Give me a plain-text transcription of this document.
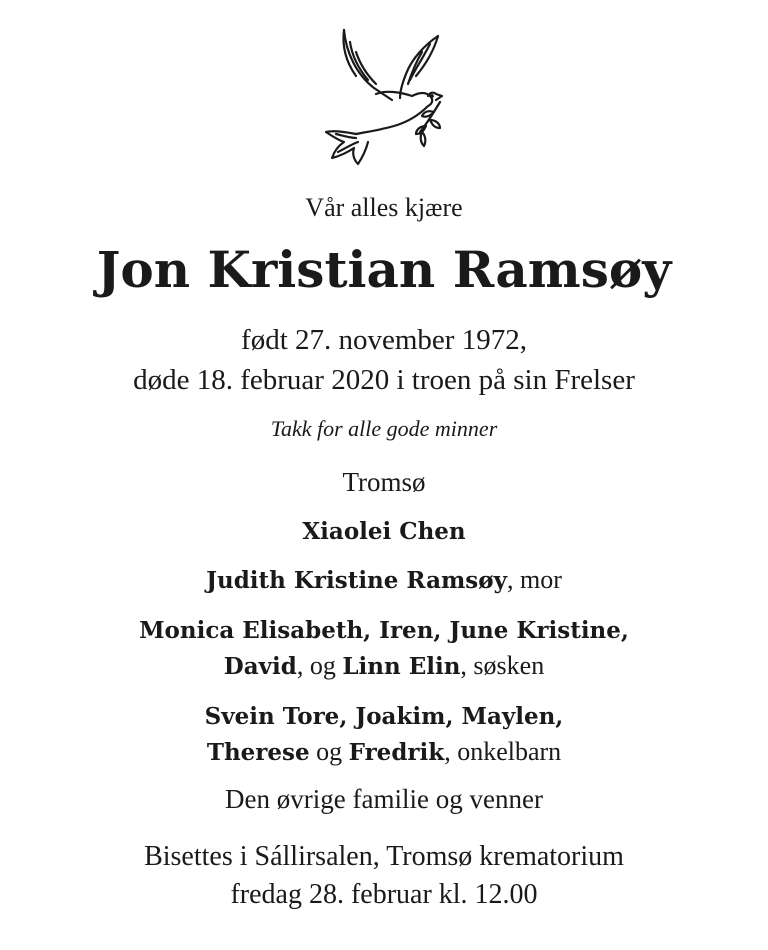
Vår alles kjære
Jon Kristian Ramsøy
født 27. november 1972,
døde 18. februar 2020 i troen på sin Frelser
Takk for alle gode minner
Tromsø
Xiaolei Chen
Judith Kristine Ramsøy, mor
Monica Elisabeth, Iren, June Kristine,
David, og Linn Elin, søsken
Svein Tore, Joakim, Maylen,
Therese og Fredrik, onkelbarn
Den øvrige familie og venner
Bisettes i Sállirsalen, Tromsø krematorium
fredag 28. februar kl. 12.00
